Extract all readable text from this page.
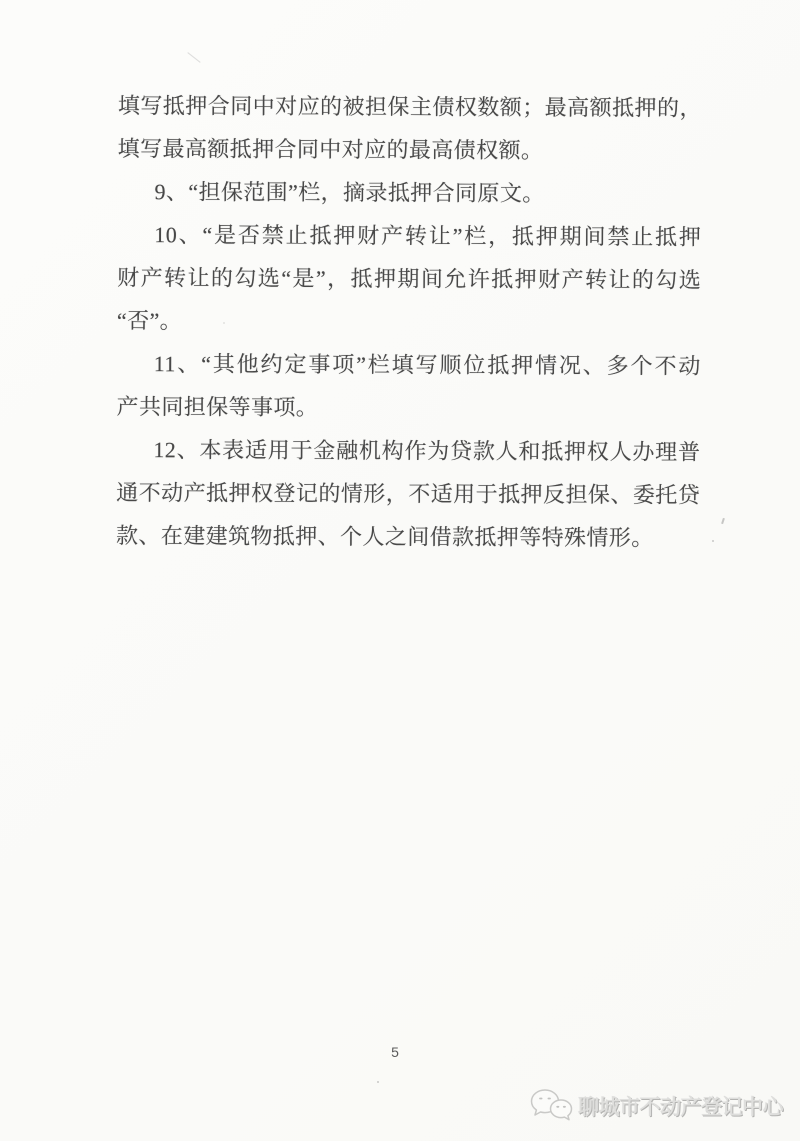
填写抵押合同中对应的被担保主债权数额；最高额抵押的，
填写最高额抵押合同中对应的最高债权额。
9、“担保范围”栏，摘录抵押合同原文。
10、“是否禁止抵押财产转让”栏，抵押期间禁止抵押
财产转让的勾选“是”，抵押期间允许抵押财产转让的勾选
“否”。
11、“其他约定事项”栏填写顺位抵押情况、多个不动
产共同担保等事项。
12、本表适用于金融机构作为贷款人和抵押权人办理普
通不动产抵押权登记的情形，不适用于抵押反担保、委托贷
款、在建建筑物抵押、个人之间借款抵押等特殊情形。
5
聊城市不动产登记中心
